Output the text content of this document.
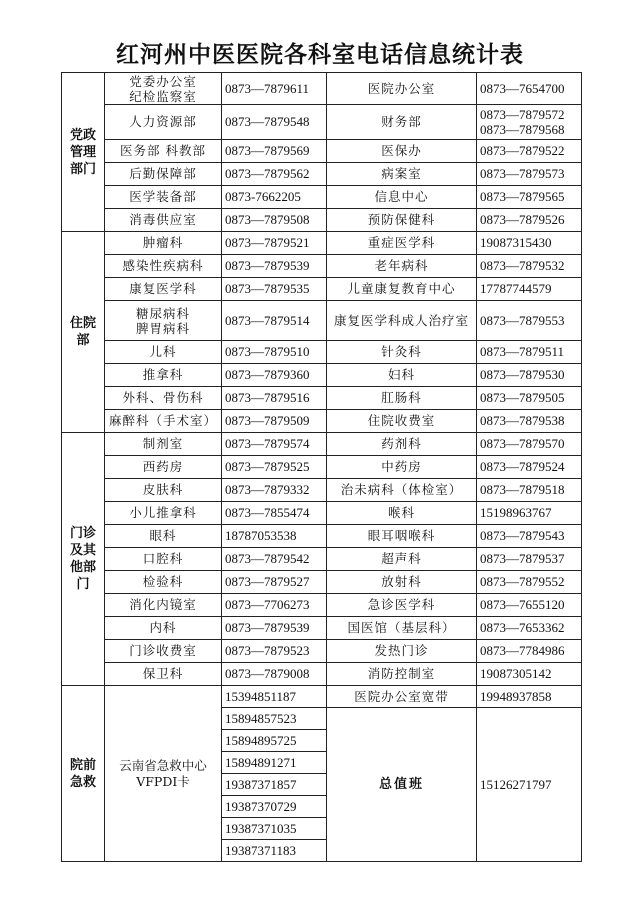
红河州中医医院各科室电话信息统计表
党政管理部门	党委办公室
纪检监察室	0873—7879611	医院办公室	0873—7654700
	人力资源部	0873—7879548	财务部	0873—7879572
0873—7879568

	医务部 科教部	0873—7879569	医保办	0873—7879522
	后勤保障部	0873—7879562	病案室	0873—7879573
	医学装备部	0873-7662205	信息中心	0873—7879565
	消毒供应室	0873—7879508	预防保健科	0873—7879526
住院部	肿瘤科	0873—7879521	重症医学科	19087315430
	感染性疾病科	0873—7879539	老年病科	0873—7879532
	康复医学科	0873—7879535	儿童康复教育中心	17787744579

	糖尿病科
脾胃病科	0873—7879514	康复医学科成人治疗室	0873—7879553
	儿科	0873—7879510	针灸科	0873—7879511
	推拿科	0873—7879360	妇科	0873—7879530
	外科、骨伤科	0873—7879516	肛肠科	0873—7879505
	麻醉科（手术室）	0873—7879509	住院收费室	0873—7879538
门诊及其他部门	制剂室	0873—7879574	药剂科	0873—7879570
	西药房	0873—7879525	中药房	0873—7879524
	皮肤科	0873—7879332	治未病科（体检室）	0873—7879518
	小儿推拿科	0873—7855474	喉科	15198963767
	眼科	18787053538	眼耳咽喉科	0873—7879543
	口腔科	0873—7879542	超声科	0873—7879537
	检验科	0873—7879527	放射科	0873—7879552
	消化内镜室	0873—7706273	急诊医学科	0873—7655120
	内科	0873—7879539	国医馆（基层科）	0873—7653362
	门诊收费室	0873—7879523	发热门诊	0873—7784986
	保卫科	0873—7879008	消防控制室	19087305142
院前急救	云南省急救中心
VFPDI卡	15394851187	医院办公室宽带	19948937858
		15894857523	总值班	15126271797
		15894895725		
		15894891271		
		19387371857		
		19387370729		
		19387371035		
		19387371183		
